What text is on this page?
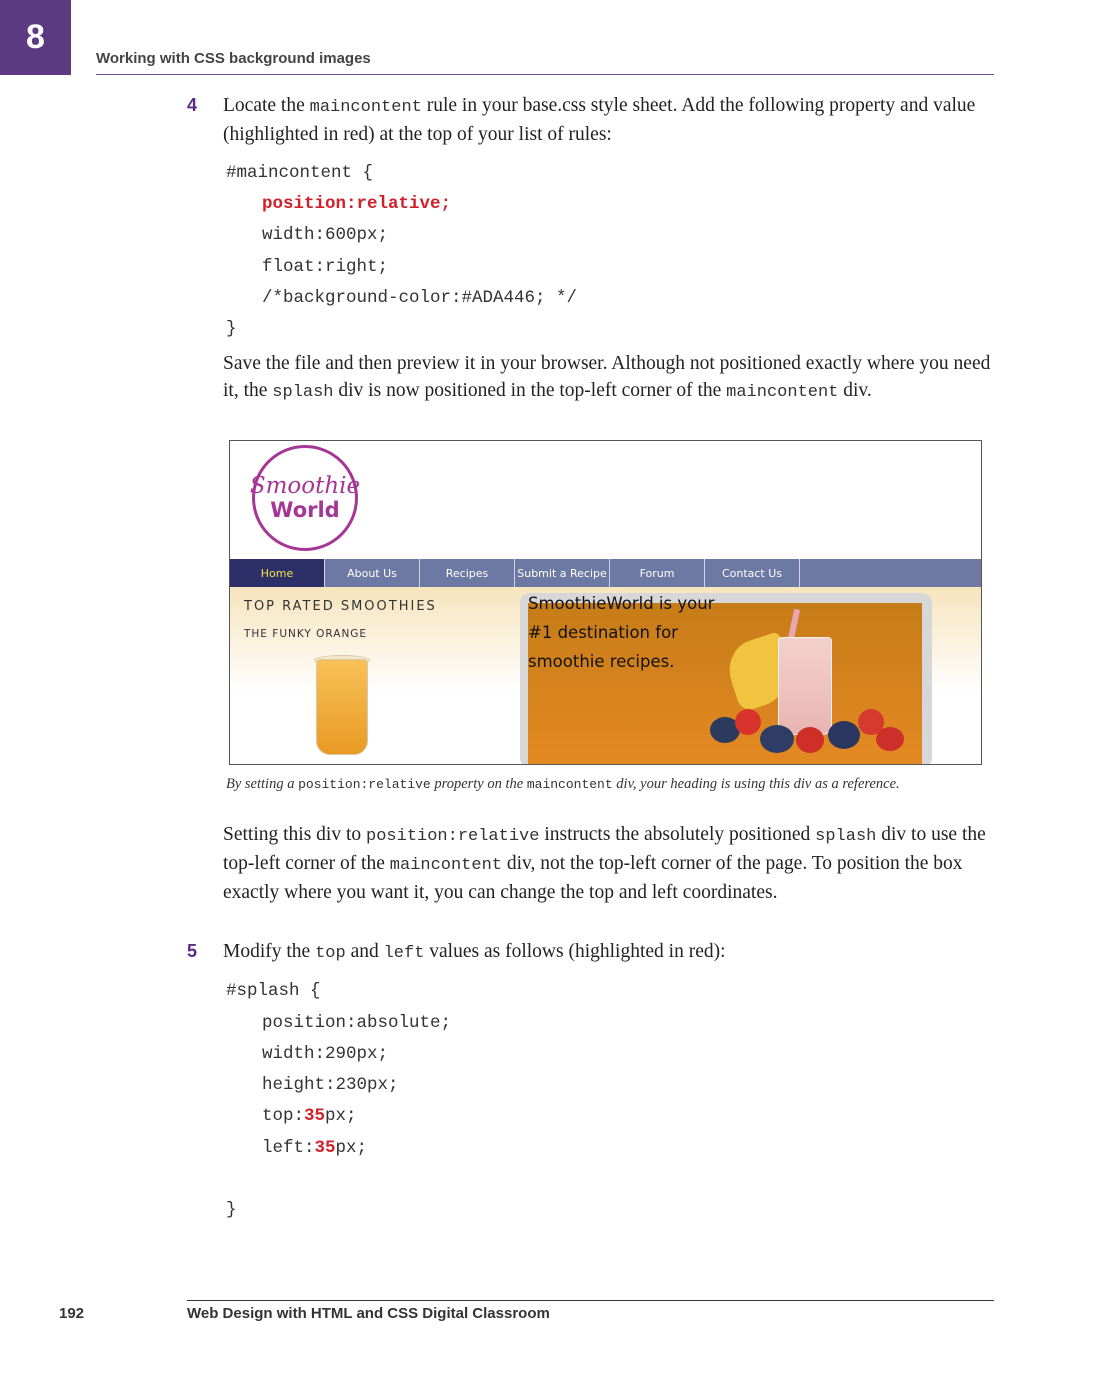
8
Working with CSS background images
4 Locate the maincontent rule in your base.css style sheet. Add the following property and value (highlighted in red) at the top of your list of rules:
#maincontent {
position:relative;
width:600px;
float:right;
/*background-color:#ADA446; */
}
Save the file and then preview it in your browser. Although not positioned exactly where you need it, the splash div is now positioned in the top-left corner of the maincontent div.
Smoothie
World
Home	About Us	Recipes	Submit a Recipe	Forum	Contact Us
TOP RATED SMOOTHIES
THE FUNKY ORANGE
SmoothieWorld is your
#1 destination for
smoothie recipes.
By setting a position:relative property on the maincontent div, your heading is using this div as a reference.
Setting this div to position:relative instructs the absolutely positioned splash div to use the top-left corner of the maincontent div, not the top-left corner of the page. To position the box exactly where you want it, you can change the top and left coordinates.
5 Modify the top and left values as follows (highlighted in red):
#splash {
position:absolute;
width:290px;
height:230px;
top:35px;
left:35px;
}
192	Web Design with HTML and CSS Digital Classroom
